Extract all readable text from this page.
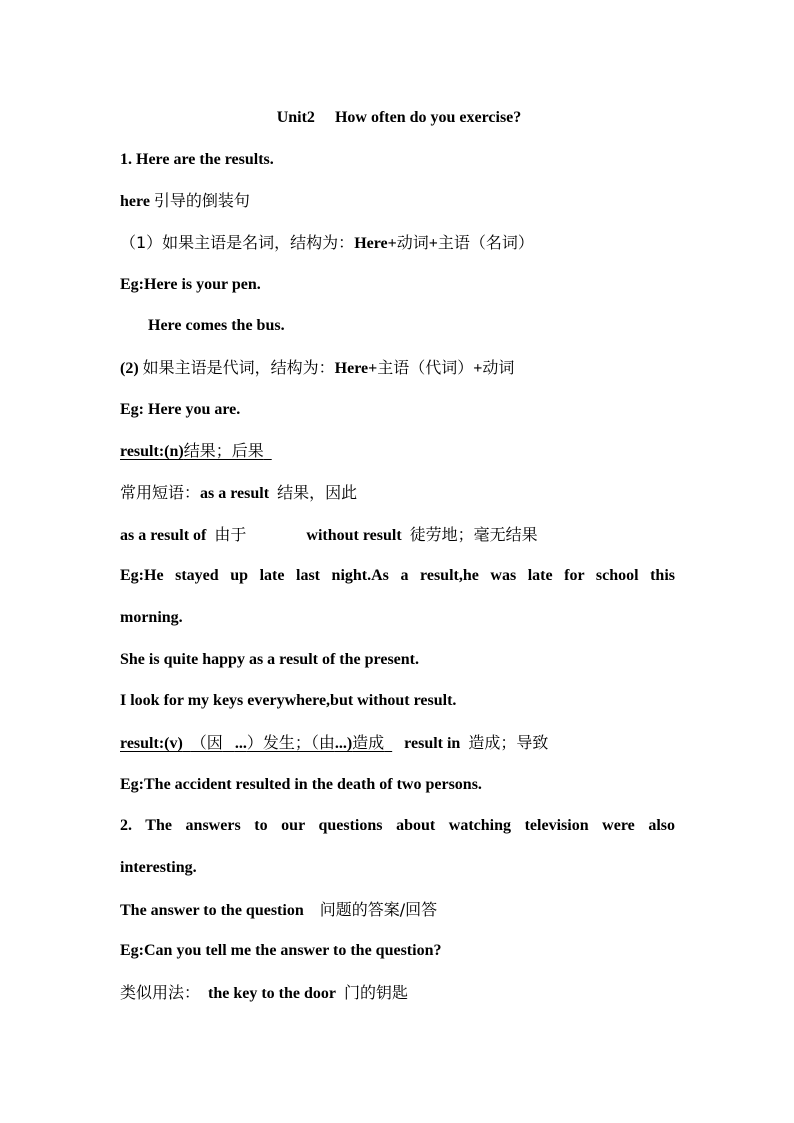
Unit2 How often do you exercise?
1. Here are the results.
here 引导的倒装句
（1）如果主语是名词，结构为：Here+动词+主语（名词）
Eg:Here is your pen.
Here comes the bus.
(2) 如果主语是代词，结构为：Here+主语（代词）+动词
Eg: Here you are.
result:(n)结果；后果
常用短语：as a result 结果，因此
as a result of 由于	without result 徒劳地；毫无结果
Eg:He stayed up late last night.As a result,he was late for school this
morning.
She is quite happy as a result of the present.
I look for my keys everywhere,but without result.
result:(v) （因 ...）发生；（由...)造成 result in 造成；导致
Eg:The accident resulted in the death of two persons.
2. The answers to our questions about watching television were also
interesting.
The answer to the question 问题的答案/回答
Eg:Can you tell me the answer to the question?
类似用法： the key to the door 门的钥匙
